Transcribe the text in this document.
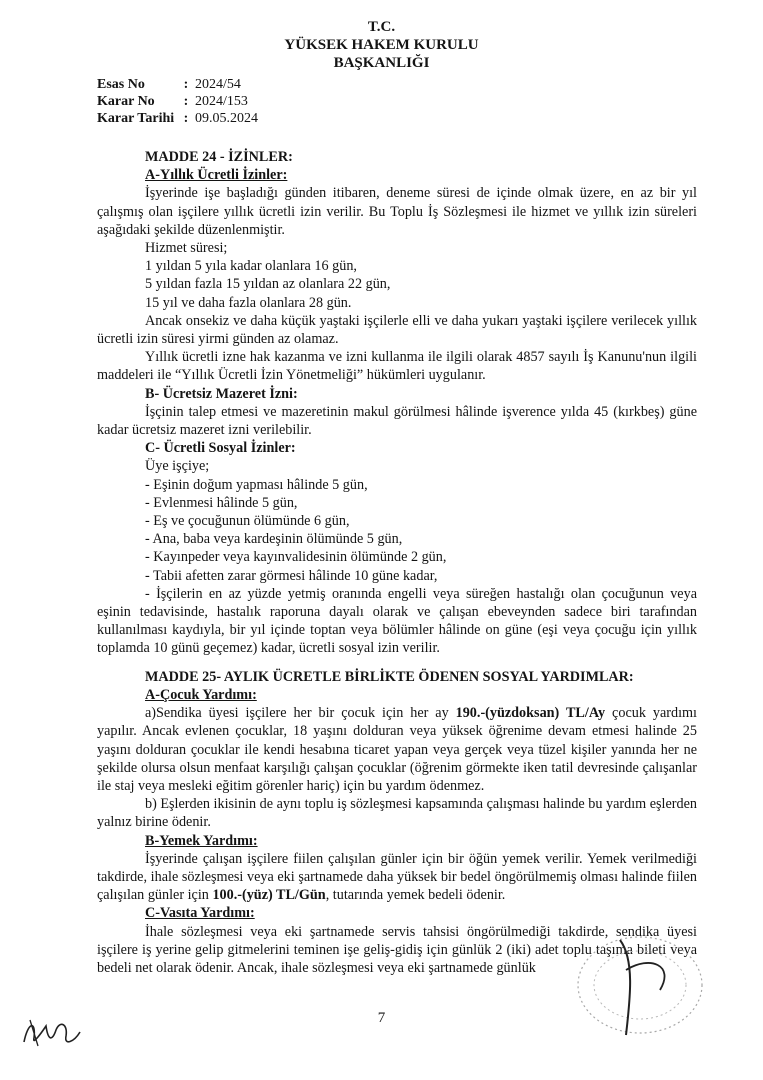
T.C.
YÜKSEK HAKEM KURULU
BAŞKANLIĞI
Esas No	: 2024/54
Karar No	: 2024/153
Karar Tarihi : 09.05.2024

MADDE 24 - İZİNLER:

A-Yıllık Ücretli İzinler:

İşyerinde işe başladığı günden itibaren, deneme süresi de içinde olmak üzere, en az bir yıl çalışmış olan işçilere yıllık ücretli izin verilir. Bu Toplu İş Sözleşmesi ile hizmet ve yıllık izin süreleri aşağıdaki şekilde düzenlenmiştir.

Hizmet süresi;

1 yıldan 5 yıla kadar olanlara 16 gün,

5 yıldan fazla 15 yıldan az olanlara 22 gün,

15 yıl ve daha fazla olanlara 28 gün.

Ancak onsekiz ve daha küçük yaştaki işçilerle elli ve daha yukarı yaştaki işçilere verilecek yıllık ücretli izin süresi yirmi günden az olamaz.

Yıllık ücretli izne hak kazanma ve izni kullanma ile ilgili olarak 4857 sayılı İş Kanunu'nun ilgili maddeleri ile “Yıllık Ücretli İzin Yönetmeliği” hükümleri uygulanır.

B- Ücretsiz Mazeret İzni:

İşçinin talep etmesi ve mazeretinin makul görülmesi hâlinde işverence yılda 45 (kırkbeş) güne kadar ücretsiz mazeret izni verilebilir.

C- Ücretli Sosyal İzinler:

Üye işçiye;

- Eşinin doğum yapması hâlinde 5 gün,

- Evlenmesi hâlinde 5 gün,

- Eş ve çocuğunun ölümünde 6 gün,

- Ana, baba veya kardeşinin ölümünde 5 gün,

- Kayınpeder veya kayınvalidesinin ölümünde 2 gün,

- Tabii afetten zarar görmesi hâlinde 10 güne kadar,

- İşçilerin en az yüzde yetmiş oranında engelli veya süreğen hastalığı olan çocuğunun veya eşinin tedavisinde, hastalık raporuna dayalı olarak ve çalışan ebeveynden sadece biri tarafından kullanılması kaydıyla, bir yıl içinde toptan veya bölümler hâlinde on güne (eşi veya çocuğu için yıllık toplamda 10 günü geçemez) kadar, ücretli sosyal izin verilir.

MADDE 25- AYLIK ÜCRETLE BİRLİKTE ÖDENEN SOSYAL YARDIMLAR:

A-Çocuk Yardımı:

a)Sendika üyesi işçilere her bir çocuk için her ay 190.-(yüzdoksan) TL/Ay çocuk yardımı yapılır. Ancak evlenen çocuklar, 18 yaşını dolduran veya yüksek öğrenime devam etmesi halinde 25 yaşını dolduran çocuklar ile kendi hesabına ticaret yapan veya gerçek veya tüzel kişiler yanında her ne şekilde olursa olsun menfaat karşılığı çalışan çocuklar (öğrenim görmekte iken tatil devresinde çalışanlar ile staj veya mesleki eğitim görenler hariç) için bu yardım ödenmez.

b) Eşlerden ikisinin de aynı toplu iş sözleşmesi kapsamında çalışması halinde bu yardım eşlerden yalnız birine ödenir.

B-Yemek Yardımı:

İşyerinde çalışan işçilere fiilen çalışılan günler için bir öğün yemek verilir. Yemek verilmediği takdirde, ihale sözleşmesi veya eki şartnamede daha yüksek bir bedel öngörülmemiş olması halinde fiilen çalışılan günler için 100.-(yüz) TL/Gün, tutarında yemek bedeli ödenir.

C-Vasıta Yardımı:

İhale sözleşmesi veya eki şartnamede servis tahsisi öngörülmediği takdirde, sendika üyesi işçilere iş yerine gelip gitmelerini teminen işe geliş-gidiş için günlük 2 (iki) adet toplu taşıma bileti veya bedeli net olarak ödenir. Ancak, ihale sözleşmesi veya eki şartnamede günlük

7
